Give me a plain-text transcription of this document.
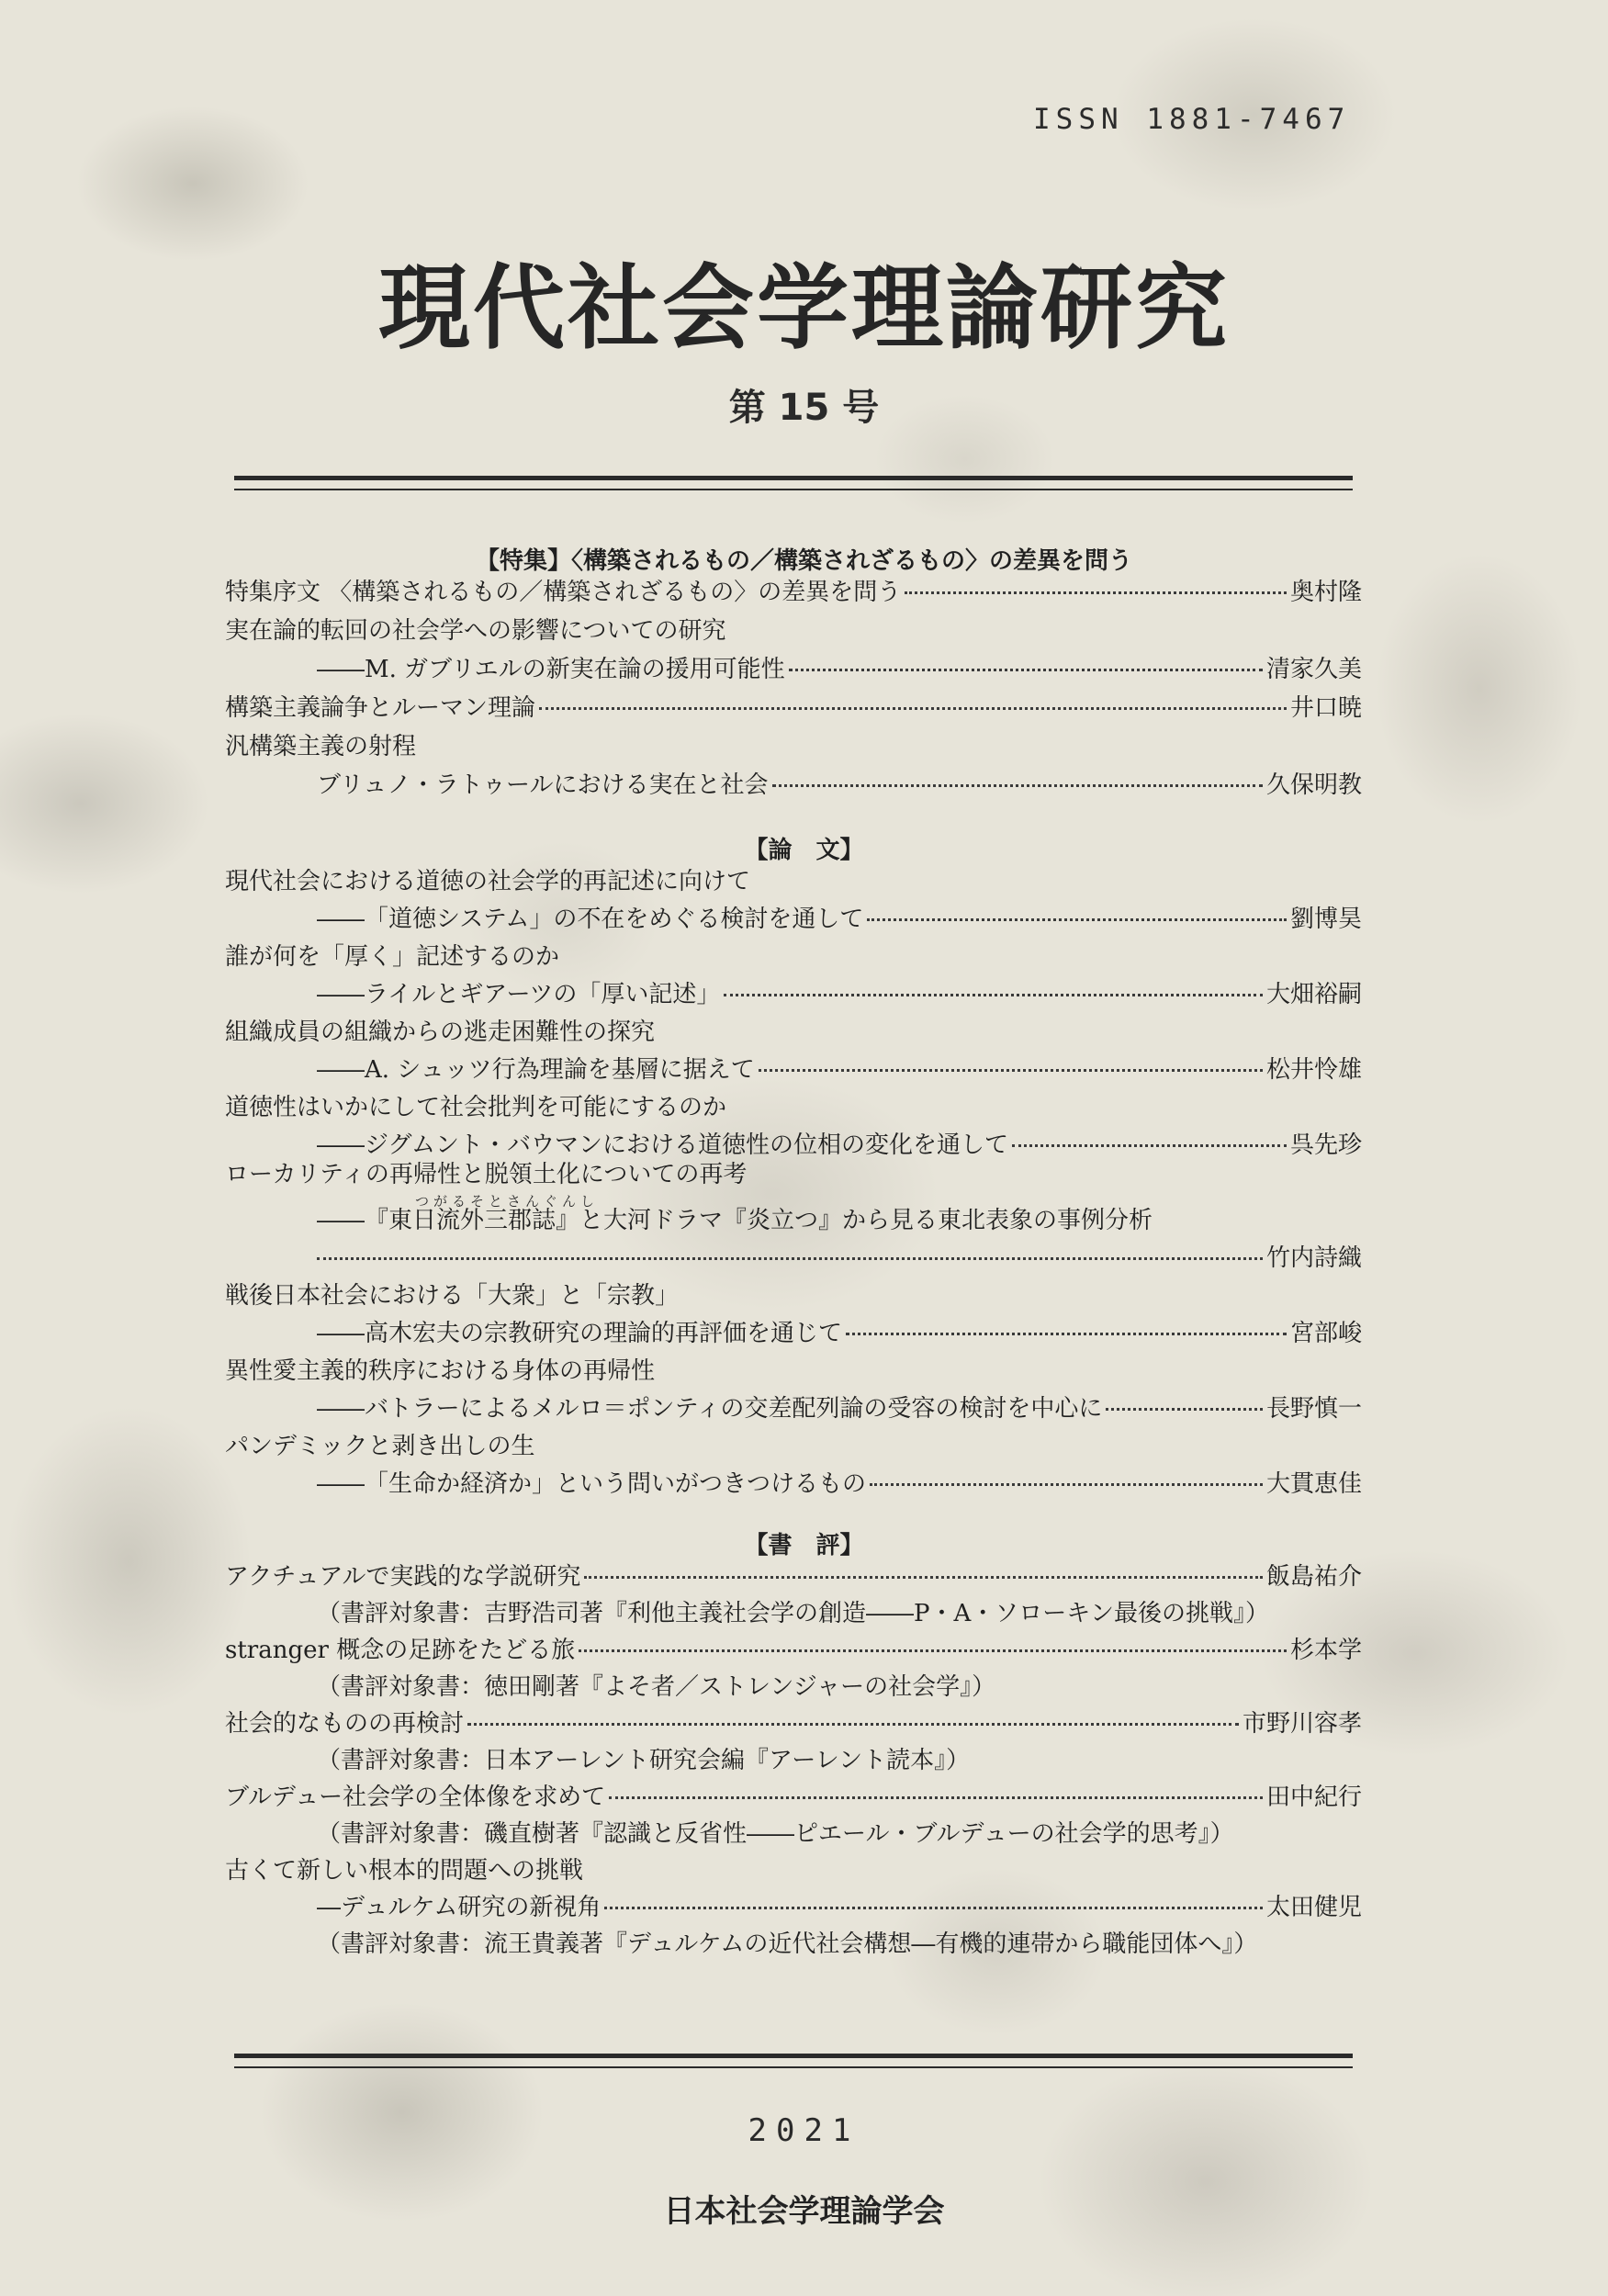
ISSN 1881-7467
現代社会学理論研究
第 15 号
【特集】〈構築されるもの／構築されざるもの〉の差異を問う
特集序文 〈構築されるもの／構築されざるもの〉の差異を問う	奥村隆
実在論的転回の社会学への影響についての研究
――M. ガブリエルの新実在論の援用可能性	清家久美
構築主義論争とルーマン理論	井口暁
汎構築主義の射程
ブリュノ・ラトゥールにおける実在と社会	久保明教
【論　文】
現代社会における道徳の社会学的再記述に向けて
――「道徳システム」の不在をめぐる検討を通して	劉博昊
誰が何を「厚く」記述するのか
――ライルとギアーツの「厚い記述」	大畑裕嗣
組織成員の組織からの逃走困難性の探究
――A. シュッツ行為理論を基層に据えて	松井怜雄
道徳性はいかにして社会批判を可能にするのか
――ジグムント・バウマンにおける道徳性の位相の変化を通して	呉先珍
ローカリティの再帰性と脱領土化についての再考
つがるそとさんぐんし
――『東日流外三郡誌』と大河ドラマ『炎立つ』から見る東北表象の事例分析
竹内詩織
戦後日本社会における「大衆」と「宗教」
――高木宏夫の宗教研究の理論的再評価を通じて	宮部峻
異性愛主義的秩序における身体の再帰性
――バトラーによるメルロ＝ポンティの交差配列論の受容の検討を中心に	長野慎一
パンデミックと剥き出しの生
――「生命か経済か」という問いがつきつけるもの	大貫恵佳
【書　評】
アクチュアルで実践的な学説研究	飯島祐介
（書評対象書：吉野浩司著『利他主義社会学の創造――P・A・ソローキン最後の挑戦』）
stranger 概念の足跡をたどる旅	杉本学
（書評対象書：徳田剛著『よそ者／ストレンジャーの社会学』）
社会的なものの再検討	市野川容孝
（書評対象書：日本アーレント研究会編『アーレント読本』）
ブルデュー社会学の全体像を求めて	田中紀行
（書評対象書：磯直樹著『認識と反省性――ピエール・ブルデューの社会学的思考』）
古くて新しい根本的問題への挑戦
―デュルケム研究の新視角	太田健児
（書評対象書：流王貴義著『デュルケムの近代社会構想―有機的連帯から職能団体へ』）
2021
日本社会学理論学会
